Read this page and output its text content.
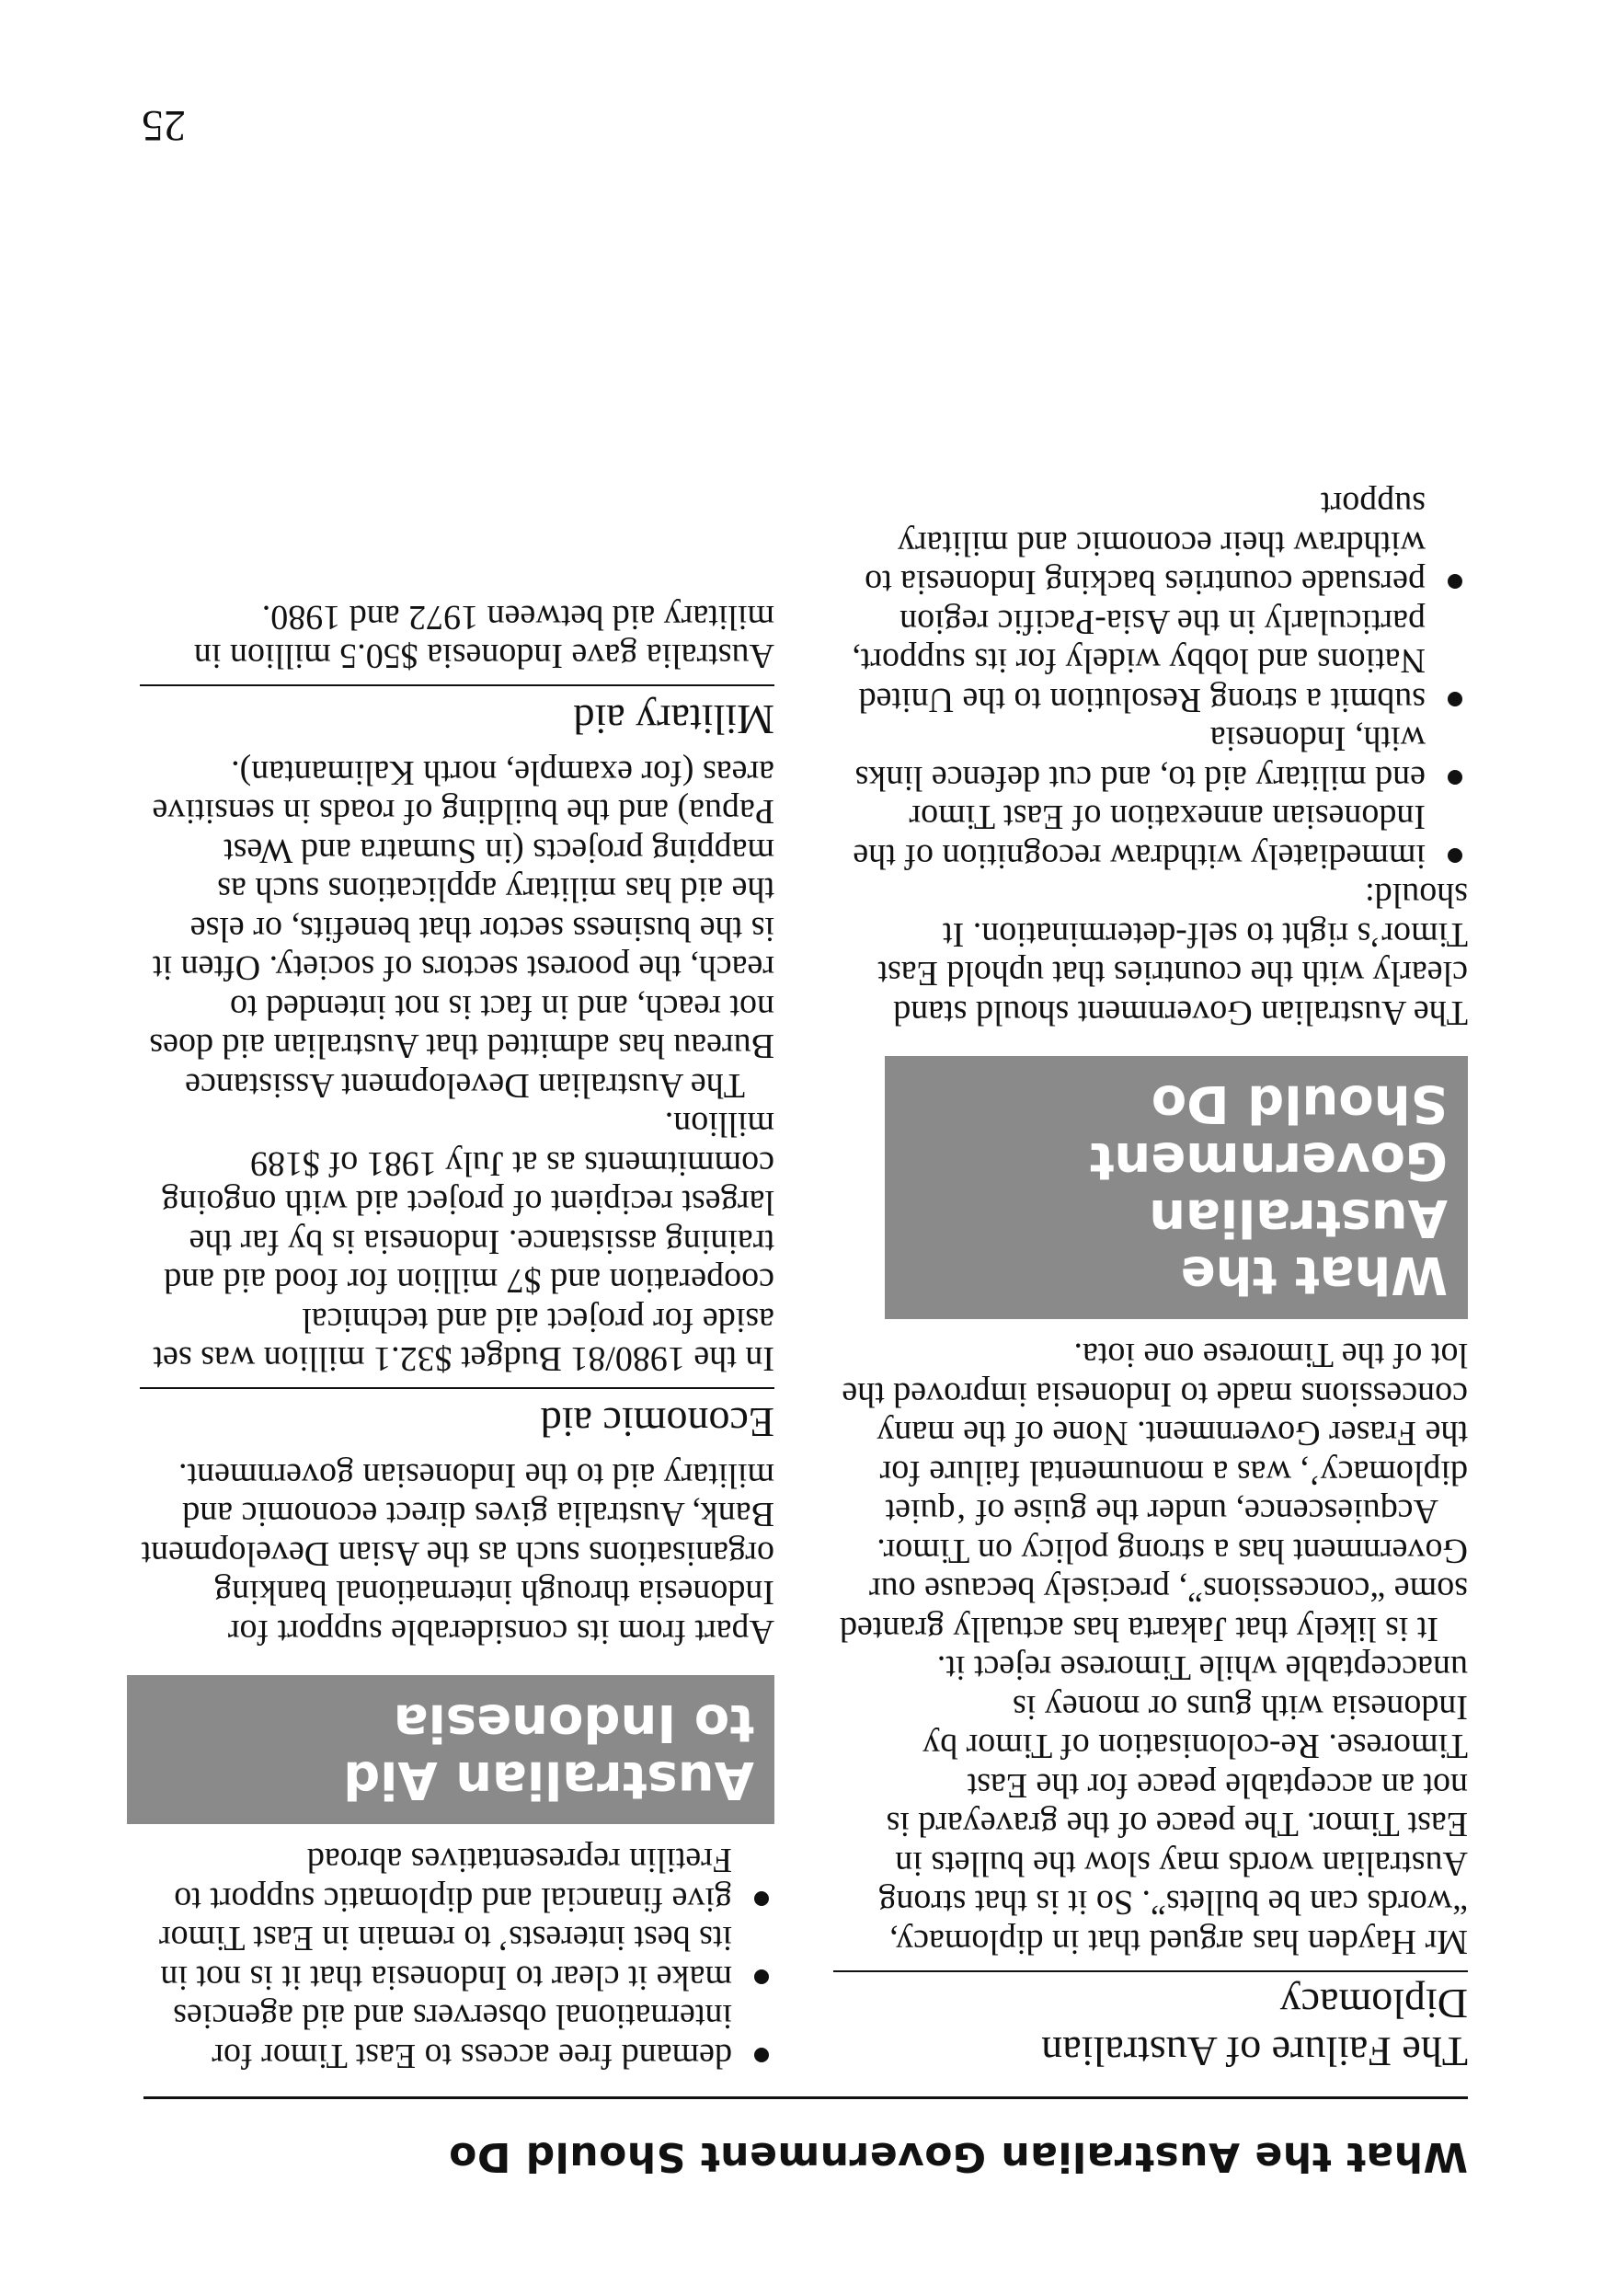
What the Australian Government Should Do
The Failure of Australian
Diplomacy

Mr Hayden has argued that in diplomacy, “words can be bullets”. So it is that strong Australian words may slow the bullets in East Timor. The peace of the graveyard is not an acceptable peace for the East Timorese. Re-colonisation of Timor by Indonesia with guns or money is unacceptable while Timorese reject it.

It is likely that Jakarta has actually granted some “concessions”, precisely because our Government has a strong policy on Timor.

Acquiescence, under the guise of ‘quiet diplomacy’, was a monumental failure for the Fraser Government. None of the many concessions made to Indonesia improved the lot of the Timorese one iota.

What the
Australian
Government
Should Do

The Australian Government should stand clearly with the countries that uphold East Timor’s right to self-determination. It should:

immediately withdraw recognition of the Indonesian annexation of East Timor
end military aid to, and cut defence links with, Indonesia
submit a strong Resolution to the United Nations and lobby widely for its support, particularly in the Asia-Pacific region
persuade countries backing Indonesia to withdraw their economic and military support
demand free access to East Timor for international observers and aid agencies
make it clear to Indonesia that it is not in its best interests’ to remain in East Timor
give financial and diplomatic support to Fretilin representatives abroad
Australian Aid
to Indonesia

Apart from its considerable support for Indonesia through international banking organisations such as the Asian Development Bank, Australia gives direct economic and military aid to the Indonesian government.

Economic aid

In the 1980/81 Budget $32.1 million was set aside for project aid and technical cooperation and $7 million for food aid and training assistance. Indonesia is by far the largest recipient of project aid with ongoing commitments as at July 1981 of $189 million.

The Australian Development Assistance Bureau has admitted that Australian aid does not reach, and in fact is not intended to reach, the poorest sectors of society. Often it is the business sector that benefits, or else the aid has military applications such as mapping projects (in Sumatra and West Papua) and the building of roads in sensitive areas (for example, north Kalimantan).

Military aid

Australia gave Indonesia $50.5 million in military aid between 1972 and 1980.

25
